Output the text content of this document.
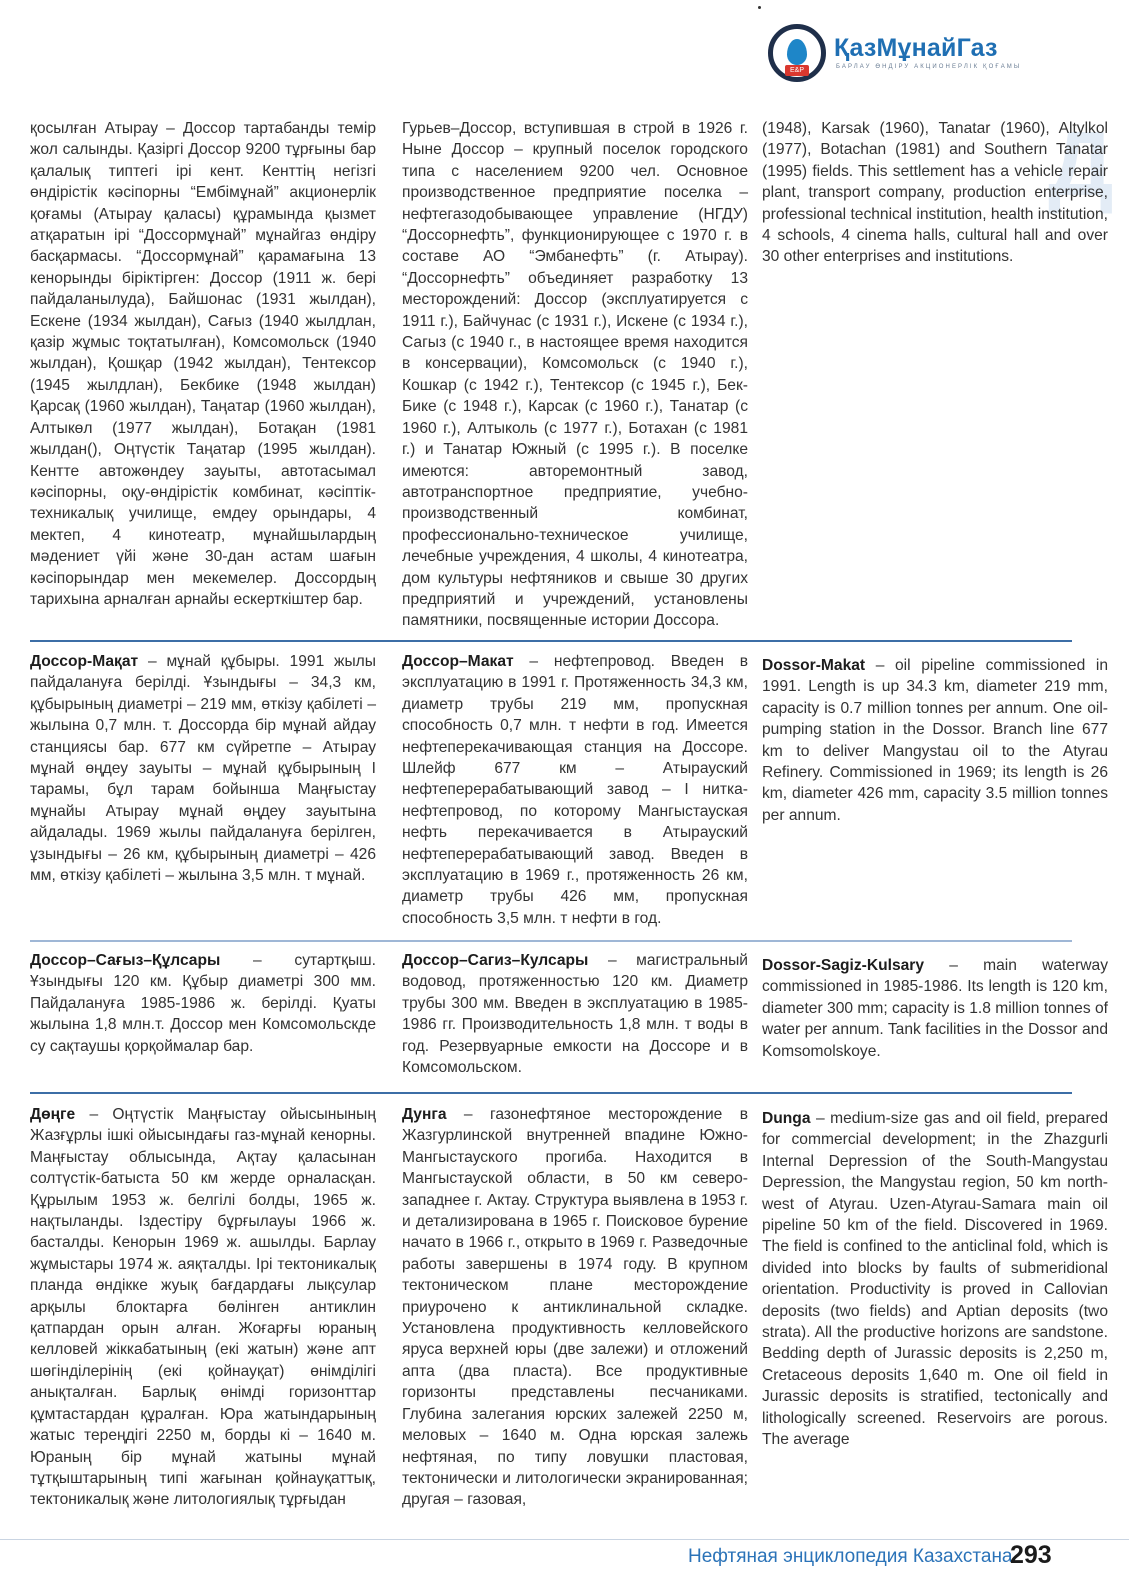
E&P
ҚазМұнайГаз
БАРЛАУ ӨНДІРУ АКЦИОНЕРЛІК ҚОҒАМЫ
Д

қосылған Атырау – Доссор тартабанды темір жол салынды. Қазіргі Доссор 9200 тұрғыны бар қалалық типтегі ірі кент. Кенттің негізгі өндірістік кәсіпорны “Ембімұнай” акционерлік қоғамы (Атырау қаласы) құрамында қызмет атқаратын ірі “Доссормұнай” мұнайгаз өндіру басқармасы. “Доссормұнай” қарамағына 13 кенорынды біріктірген: Доссор (1911 ж. бері пайдаланылуда), Байшонас (1931 жылдан), Ескене (1934 жылдан), Сағыз (1940 жылдлан, қазір жұмыс тоқтатылған), Комсомольск (1940 жылдан), Қошқар (1942 жылдан), Тентексор (1945 жылдлан), Бекбике (1948 жылдан) Қарсақ (1960 жылдан), Таңатар (1960 жылдан), Алтыкөл (1977 жылдан), Ботақан (1981 жылдан(), Оңтүстік Таңатар (1995 жылдан). Кентте автожөндеу зауыты, автотасымал кәсіпорны, оқу-өндірістік комбинат, кәсіптік-техникалық училище, емдеу орындары, 4 мектеп, 4 кинотеатр, мұнайшылардың мәдениет үйі және 30-дан астам шағын кәсіпорындар мен мекемелер. Доссордың тарихына арналған арнайы ескерткіштер бар.

Гурьев–Доссор, вступившая в строй в 1926 г. Ныне Доссор – крупный поселок городского типа с населением 9200 чел. Основное производственное предприятие поселка – нефтегазодобывающее управление (НГДУ) “Доссорнефть”, функционирующее с 1970 г. в составе АО “Эмбанефть” (г. Атырау). “Доссорнефть” объединяет разработку 13 месторождений: Доссор (эксплуатируется с 1911 г.), Байчунас (с 1931 г.), Искене (с 1934 г.), Сагыз (с 1940 г., в настоящее время находится в консервации), Комсомольск (с 1940 г.), Кошкар (с 1942 г.), Тентексор (с 1945 г.), Бек-Бике (с 1948 г.), Карсак (с 1960 г.), Танатар (с 1960 г.), Алтыколь (с 1977 г.), Ботахан (с 1981 г.) и Танатар Южный (с 1995 г.). В поселке имеются: авторемонтный завод, автотранспортное предприятие, учебно-производственный комбинат, профессионально-техническое училище, лечебные учреждения, 4 школы, 4 кинотеатра, дом культуры нефтяников и свыше 30 других предприятий и учреждений, установлены памятники, посвященные истории Доссора.

(1948), Karsak (1960), Tanatar (1960), Altylkol (1977), Botachan (1981) and Southern Tanatar (1995) fields. This settlement has a vehicle repair plant, transport company, production enterprise, professional technical institution, health institution, 4 schools, 4 cinema halls, cultural hall and over 30 other enterprises and institutions.

Доссор-Мақат – мұнай құбыры. 1991 жылы пайдалануға берілді. Ұзындығы – 34,3 км, құбырының диаметрі – 219 мм, өткізу қабілеті – жылына 0,7 млн. т. Доссорда бір мұнай айдау станциясы бар. 677 км сүйретпе – Атырау мұнай өңдеу зауыты – мұнай құбырының І тарамы, бұл тарам бойынша Маңғыстау мұнайы Атырау мұнай өңдеу зауытына айдалады. 1969 жылы пайдалануға берілген, ұзындығы – 26 км, құбырының диаметрі – 426 мм, өткізу қабілеті – жылына 3,5 млн. т мұнай.

Доссор–Макат – нефтепровод. Введен в эксплуатацию в 1991 г. Протяженность 34,3 км, диаметр трубы 219 мм, пропускная способность 0,7 млн. т нефти в год. Имеется нефтеперекачивающая станция на Доссоре. Шлейф 677 км – Атырауский нефтеперерабатывающий завод – I нитка-нефтепровод, по которому Мангыстауская нефть перекачивается в Атырауский нефтеперерабатывающий завод. Введен в эксплуатацию в 1969 г., протяженность 26 км, диаметр трубы 426 мм, пропускная способность 3,5 млн. т нефти в год.

Dossor-Makat – oil pipeline commissioned in 1991. Length is up 34.3 km, diameter 219 mm, capacity is 0.7 million tonnes per annum. One oil-pumping station in the Dossor. Branch line 677 km to deliver Mangystau oil to the Atyrau Refinery. Commissioned in 1969; its length is 26 km, diameter 426 mm, capacity 3.5 million tonnes per annum.

Доссор–Сағыз–Құлсары – сутартқыш. Ұзындығы 120 км. Құбыр диаметрі 300 мм. Пайдалануға 1985-1986 ж. берілді. Қуаты жылына 1,8 млн.т. Доссор мен Комсомольскде су сақтаушы қорқоймалар бар.

Доссор–Сагиз–Кулсары – магистральный водовод, протяженностью 120 км. Диаметр трубы 300 мм. Введен в эксплуатацию в 1985-1986 гг. Производительность 1,8 млн. т воды в год. Резервуарные емкости на Доссоре и в Комсомольском.

Dossor-Sagiz-Kulsary – main waterway commissioned in 1985-1986. Its length is 120 km, diameter 300 mm; capacity is 1.8 million tonnes of water per annum. Tank facilities in the Dossor and Komsomolskoye.

Дөңге – Оңтүстік Маңғыстау ойысынының Жазғұрлы ішкі ойысындағы газ-мұнай кенорны. Маңғыстау облысында, Ақтау қаласынан солтүстік-батыста 50 км жерде орналасқан. Құрылым 1953 ж. белгілі болды, 1965 ж. нақтыланды. Іздестіру бұрғылауы 1966 ж. басталды. Кенорын 1969 ж. ашылды. Барлау жұмыстары 1974 ж. аяқталды. Ірі тектоникалық планда өндікке жуық бағдардағы лықсулар арқылы блоктарға бөлінген антиклин қатпардан орын алған. Жоғарғы юраның келловей жіккабатының (екі жатын) және апт шөгінділерінің (екі қойнауқат) өнімділігі анықталған. Барлық өнімді горизонттар құмтастардан құралған. Юра жатындарының жатыс тереңдігі 2250 м, борды кі – 1640 м. Юраның бір мұнай жатыны мұнай тұтқыштарының типі жағынан қойнауқаттық, тектоникалық және литологиялық тұрғыдан

Дунга – газонефтяное месторождение в Жазгурлинской внутренней впадине Южно-Мангыстауского прогиба. Находится в Мангыстауской области, в 50 км северо-западнее г. Актау. Структура выявлена в 1953 г. и детализирована в 1965 г. Поисковое бурение начато в 1966 г., открыто в 1969 г. Разведочные работы завершены в 1974 году. В крупном тектоническом плане месторождение приурочено к антиклинальной складке. Установлена продуктивность келловейского яруса верхней юры (две залежи) и отложений апта (два пласта). Все продуктивные горизонты представлены песчаниками. Глубина залегания юрских залежей 2250 м, меловых – 1640 м. Одна юрская залежь нефтяная, по типу ловушки пластовая, тектонически и литологически экранированная; другая – газовая,

Dunga – medium-size gas and oil field, prepared for commercial development; in the Zhazgurli Internal Depression of the South-Mangystau Depression, the Mangystau region, 50 km north-west of Atyrau. Uzen-Atyrau-Samara main oil pipeline 50 km of the field. Discovered in 1969. The field is confined to the anticlinal fold, which is divided into blocks by faults of submeridional orientation. Productivity is proved in Callovian deposits (two fields) and Aptian deposits (two strata). All the productive horizons are sandstone. Bedding depth of Jurassic deposits is 2,250 m, Cretaceous deposits 1,640 m. One oil field in Jurassic deposits is stratified, tectonically and lithologically screened. Reservoirs are porous. The average

Нефтяная энциклопедия Казахстана
293
